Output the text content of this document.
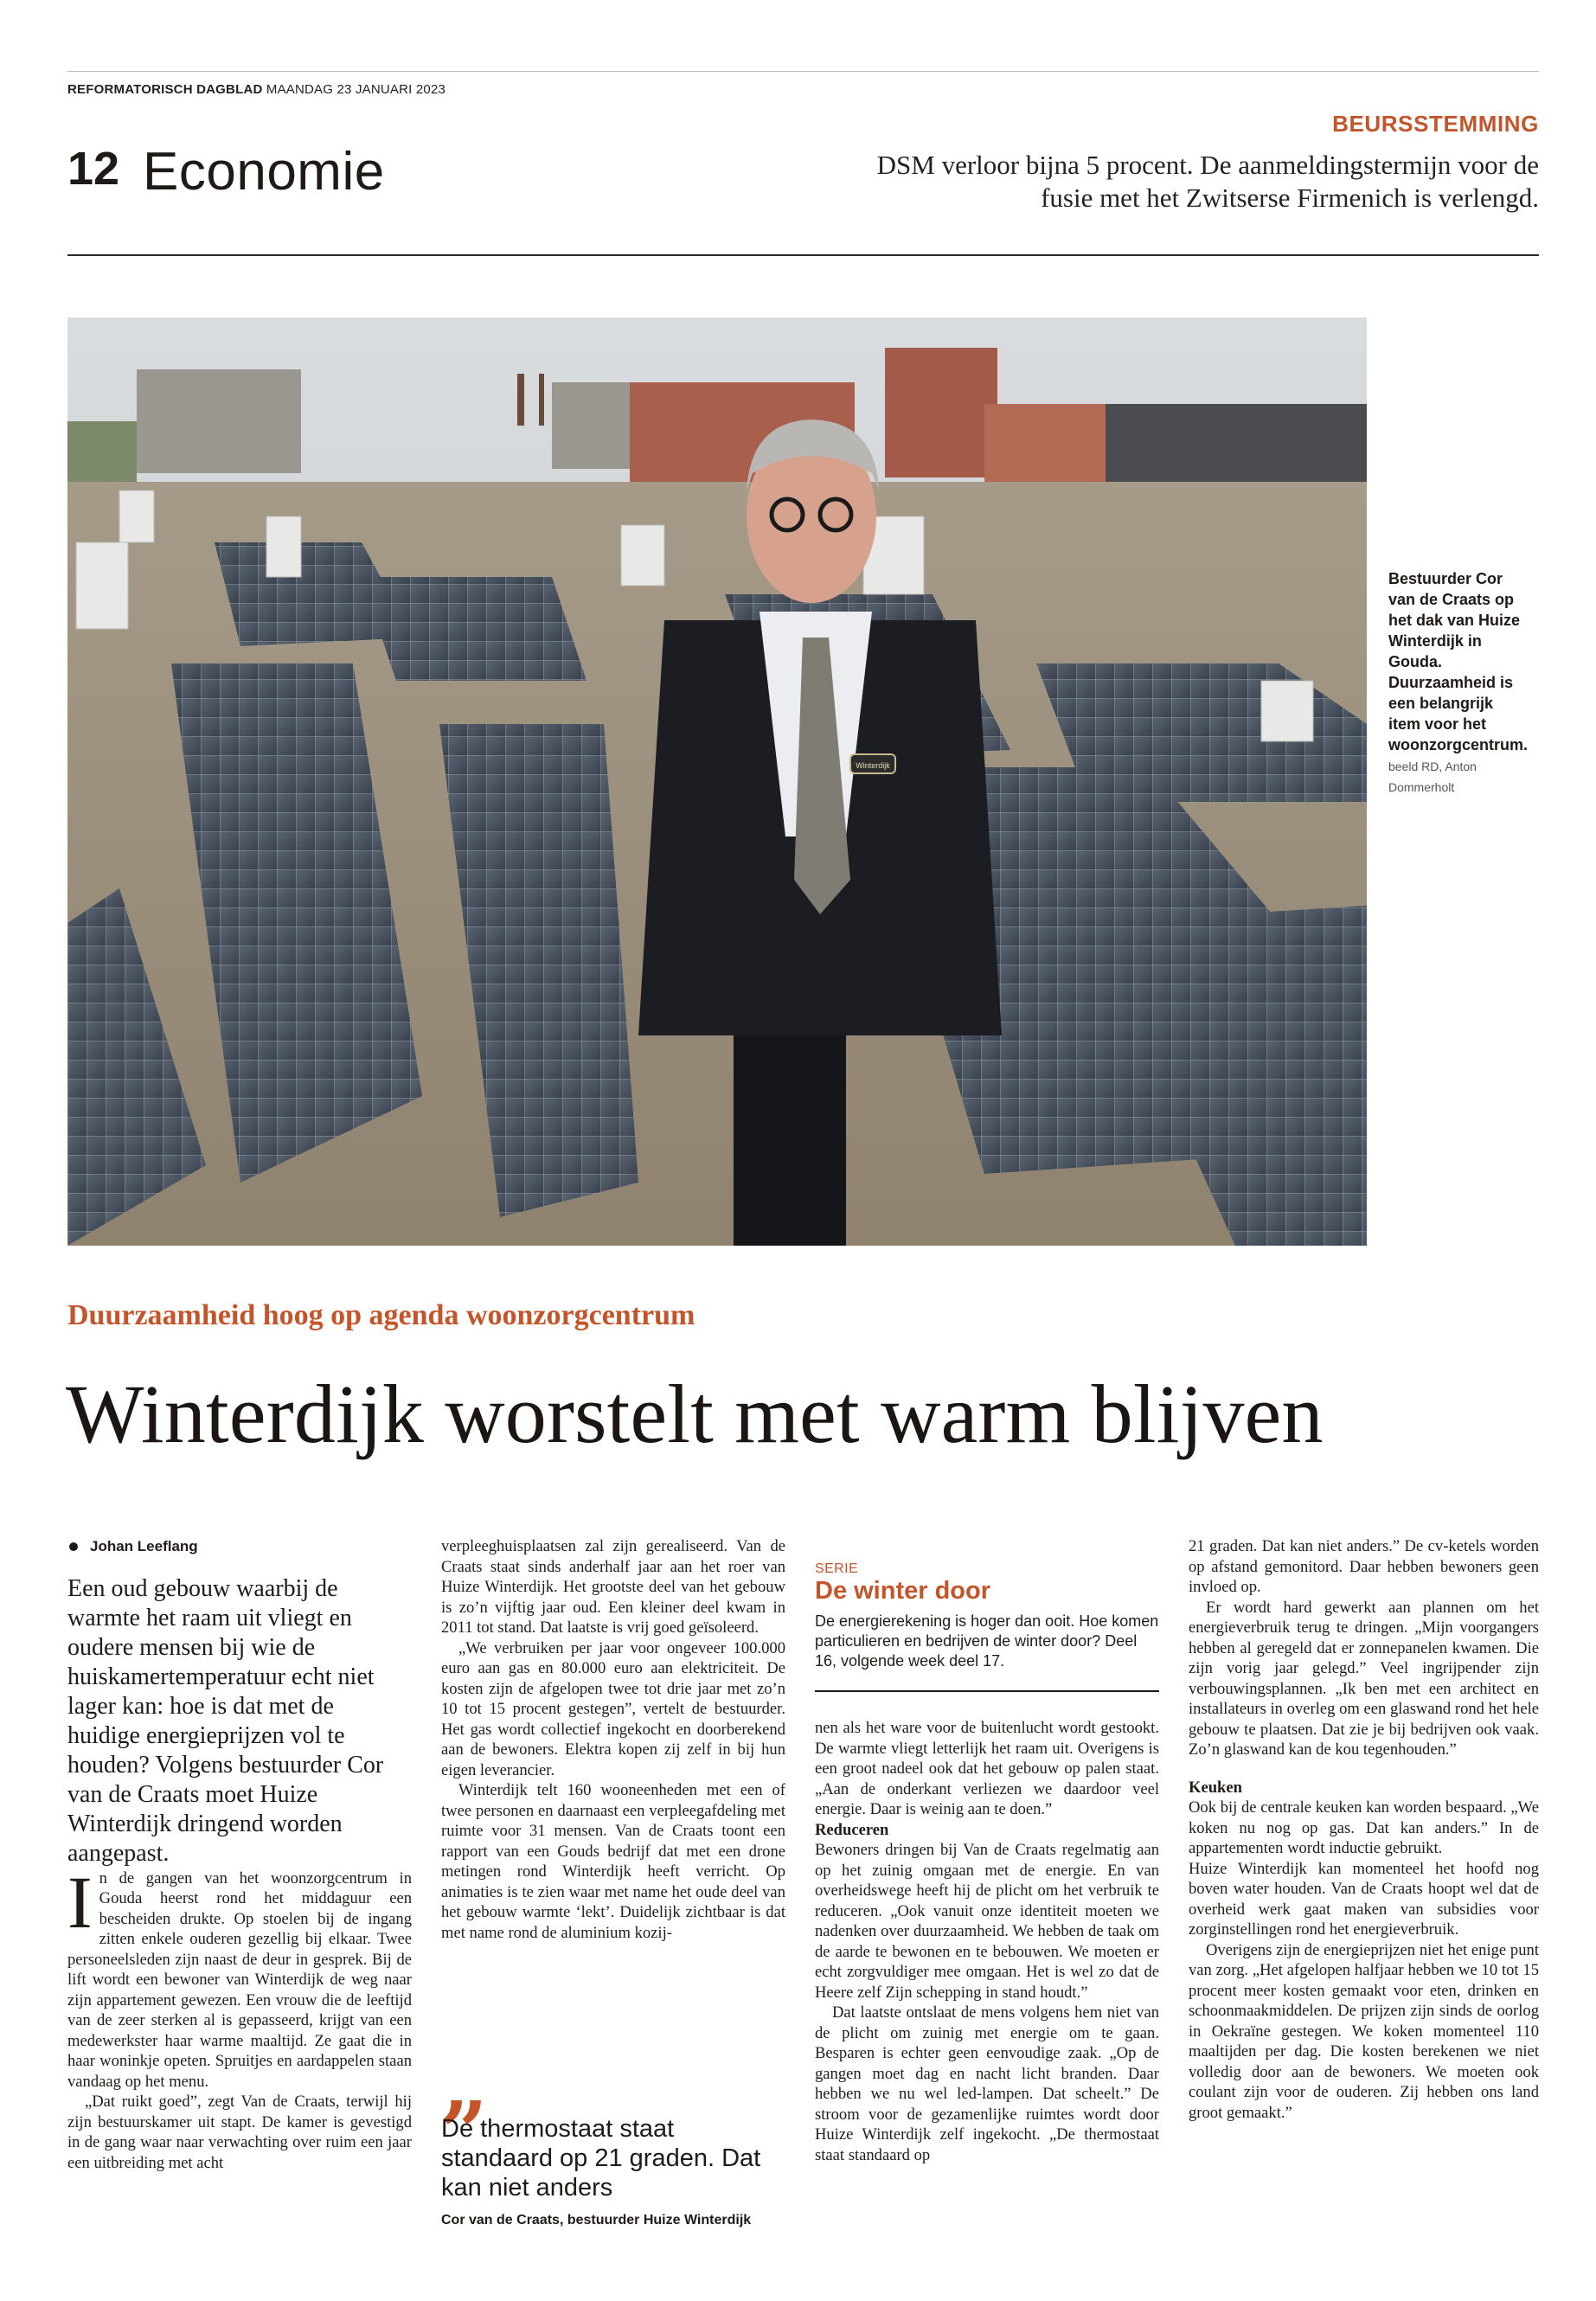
REFORMATORISCH DAGBLAD MAANDAG 23 JANUARI 2023
12 Economie
BEURSSTEMMING
DSM verloor bijna 5 procent. De aanmeldingstermijn voor de fusie met het Zwitserse Firmenich is verlengd.
Winterdijk
Bestuurder Cor van de Craats op het dak van Huize Winterdijk in Gouda. Duurzaamheid is een belangrijk item voor het woonzorgcentrum. beeld RD, Anton Dommerholt
Duurzaamheid hoog op agenda woonzorgcentrum
Winterdijk worstelt met warm blijven
Johan Leeflang

Een oud gebouw waarbij de warmte het raam uit vliegt en oudere mensen bij wie de huiskamertemperatuur echt niet lager kan: hoe is dat met de huidige energieprijzen vol te houden? Volgens bestuurder Cor van de Craats moet Huize Winterdijk dringend worden aangepast.

In de gangen van het woonzorgcentrum in Gouda heerst rond het middaguur een bescheiden drukte. Op stoelen bij de ingang zitten enkele ouderen gezellig bij elkaar. Twee personeelsleden zijn naast de deur in gesprek. Bij de lift wordt een bewoner van Winterdijk de weg naar zijn appartement gewezen. Een vrouw die de leeftijd van de zeer sterken al is gepasseerd, krijgt van een medewerkster haar warme maaltijd. Ze gaat die in haar woninkje opeten. Spruitjes en aardappelen staan vandaag op het menu.

„Dat ruikt goed”, zegt Van de Craats, terwijl hij zijn bestuurskamer uit stapt. De kamer is gevestigd in de gang waar naar verwachting over ruim een jaar een uitbreiding met acht

verpleeghuisplaatsen zal zijn gerealiseerd. Van de Craats staat sinds anderhalf jaar aan het roer van Huize Winterdijk. Het grootste deel van het gebouw is zo’n vijftig jaar oud. Een kleiner deel kwam in 2011 tot stand. Dat laatste is vrij goed geïsoleerd.

„We verbruiken per jaar voor ongeveer 100.000 euro aan gas en 80.000 euro aan elektriciteit. De kosten zijn de afgelopen twee tot drie jaar met zo’n 10 tot 15 procent gestegen”, vertelt de bestuurder. Het gas wordt collectief ingekocht en doorberekend aan de bewoners. Elektra kopen zij zelf in bij hun eigen leverancier.

Winterdijk telt 160 wooneenheden met een of twee personen en daarnaast een verpleegafdeling met ruimte voor 31 mensen. Van de Craats toont een rapport van een Gouds bedrijf dat met een drone metingen rond Winterdijk heeft verricht. Op animaties is te zien waar met name het oude deel van het gebouw warmte ‘lekt’. Duidelijk zichtbaar is dat met name rond de aluminium kozij-

„
De thermostaat staat standaard op 21 graden. Dat kan niet anders
Cor van de Craats, bestuurder Huize Winterdijk
SERIE
De winter door

De energierekening is hoger dan ooit. Hoe komen particulieren en bedrijven de winter door? Deel 16, volgende week deel 17.

nen als het ware voor de buitenlucht wordt gestookt. De warmte vliegt letterlijk het raam uit. Overigens is een groot nadeel ook dat het gebouw op palen staat. „Aan de onderkant verliezen we daardoor veel energie. Daar is weinig aan te doen.”

Reduceren

Bewoners dringen bij Van de Craats regelmatig aan op het zuinig omgaan met de energie. En van overheidswege heeft hij de plicht om het verbruik te reduceren. „Ook vanuit onze identiteit moeten we nadenken over duurzaamheid. We hebben de taak om de aarde te bewonen en te bebouwen. We moeten er echt zorgvuldiger mee omgaan. Het is wel zo dat de Heere zelf Zijn schepping in stand houdt.”

Dat laatste ontslaat de mens volgens hem niet van de plicht om zuinig met energie om te gaan. Besparen is echter geen eenvoudige zaak. „Op de gangen moet dag en nacht licht branden. Daar hebben we nu wel led-lampen. Dat scheelt.” De stroom voor de gezamenlijke ruimtes wordt door Huize Winterdijk zelf ingekocht. „De thermostaat staat standaard op

21 graden. Dat kan niet anders.” De cv-ketels worden op afstand gemonitord. Daar hebben bewoners geen invloed op.

Er wordt hard gewerkt aan plannen om het energieverbruik terug te dringen. „Mijn voorgangers hebben al geregeld dat er zonnepanelen kwamen. Die zijn vorig jaar gelegd.” Veel ingrijpender zijn verbouwingsplannen. „Ik ben met een architect en installateurs in overleg om een glaswand rond het hele gebouw te plaatsen. Dat zie je bij bedrijven ook vaak. Zo’n glaswand kan de kou tegenhouden.”

Keuken

Ook bij de centrale keuken kan worden bespaard. „We koken nu nog op gas. Dat kan anders.” In de appartementen wordt inductie gebruikt.

Huize Winterdijk kan momenteel het hoofd nog boven water houden. Van de Craats hoopt wel dat de overheid werk gaat maken van subsidies voor zorginstellingen rond het energieverbruik.

Overigens zijn de energieprijzen niet het enige punt van zorg. „Het afgelopen halfjaar hebben we 10 tot 15 procent meer kosten gemaakt voor eten, drinken en schoonmaakmiddelen. De prijzen zijn sinds de oorlog in Oekraïne gestegen. We koken momenteel 110 maaltijden per dag. Die kosten berekenen we niet volledig door aan de bewoners. We moeten ook coulant zijn voor de ouderen. Zij hebben ons land groot gemaakt.”
